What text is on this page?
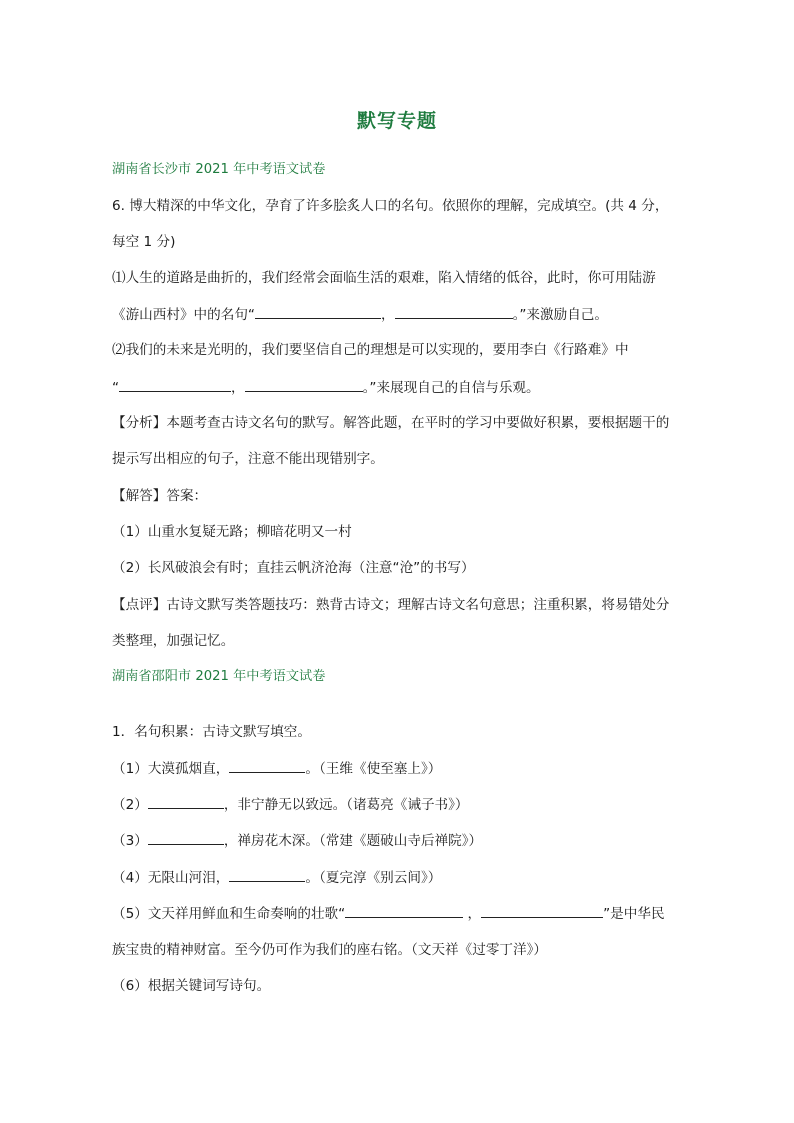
默写专题
湖南省长沙市 2021 年中考语文试卷
6. 博大精深的中华文化，孕育了许多脍炙人口的名句。依照你的理解，完成填空。(共 4 分，
每空 1 分)
⑴人生的道路是曲折的，我们经常会面临生活的艰难，陷入情绪的低谷，此时，你可用陆游
《游山西村》中的名句“	，	。”来激励自己。
⑵我们的未来是光明的，我们要坚信自己的理想是可以实现的，要用李白《行路难》中
“	，	。”来展现自己的自信与乐观。
【分析】本题考查古诗文名句的默写。解答此题，在平时的学习中要做好积累，要根据题干的
提示写出相应的句子，注意不能出现错别字。
【解答】答案：
（1）山重水复疑无路；柳暗花明又一村
（2）长风破浪会有时；直挂云帆济沧海（注意“沧”的书写）
【点评】古诗文默写类答题技巧：熟背古诗文；理解古诗文名句意思；注重积累，将易错处分
类整理，加强记忆。
湖南省邵阳市 2021 年中考语文试卷
1．名句积累：古诗文默写填空。
（1）大漠孤烟直，	。（王维《使至塞上》）
（2）	，非宁静无以致远。（诸葛亮《诫子书》）
（3）	，禅房花木深。（常建《题破山寺后禅院》）
（4）无限山河泪，	。（夏完淳《别云间》）
（5）文天祥用鲜血和生命奏响的壮歌“	，	”是中华民
族宝贵的精神财富。至今仍可作为我们的座右铭。（文天祥《过零丁洋》）
（6）根据关键词写诗句。
